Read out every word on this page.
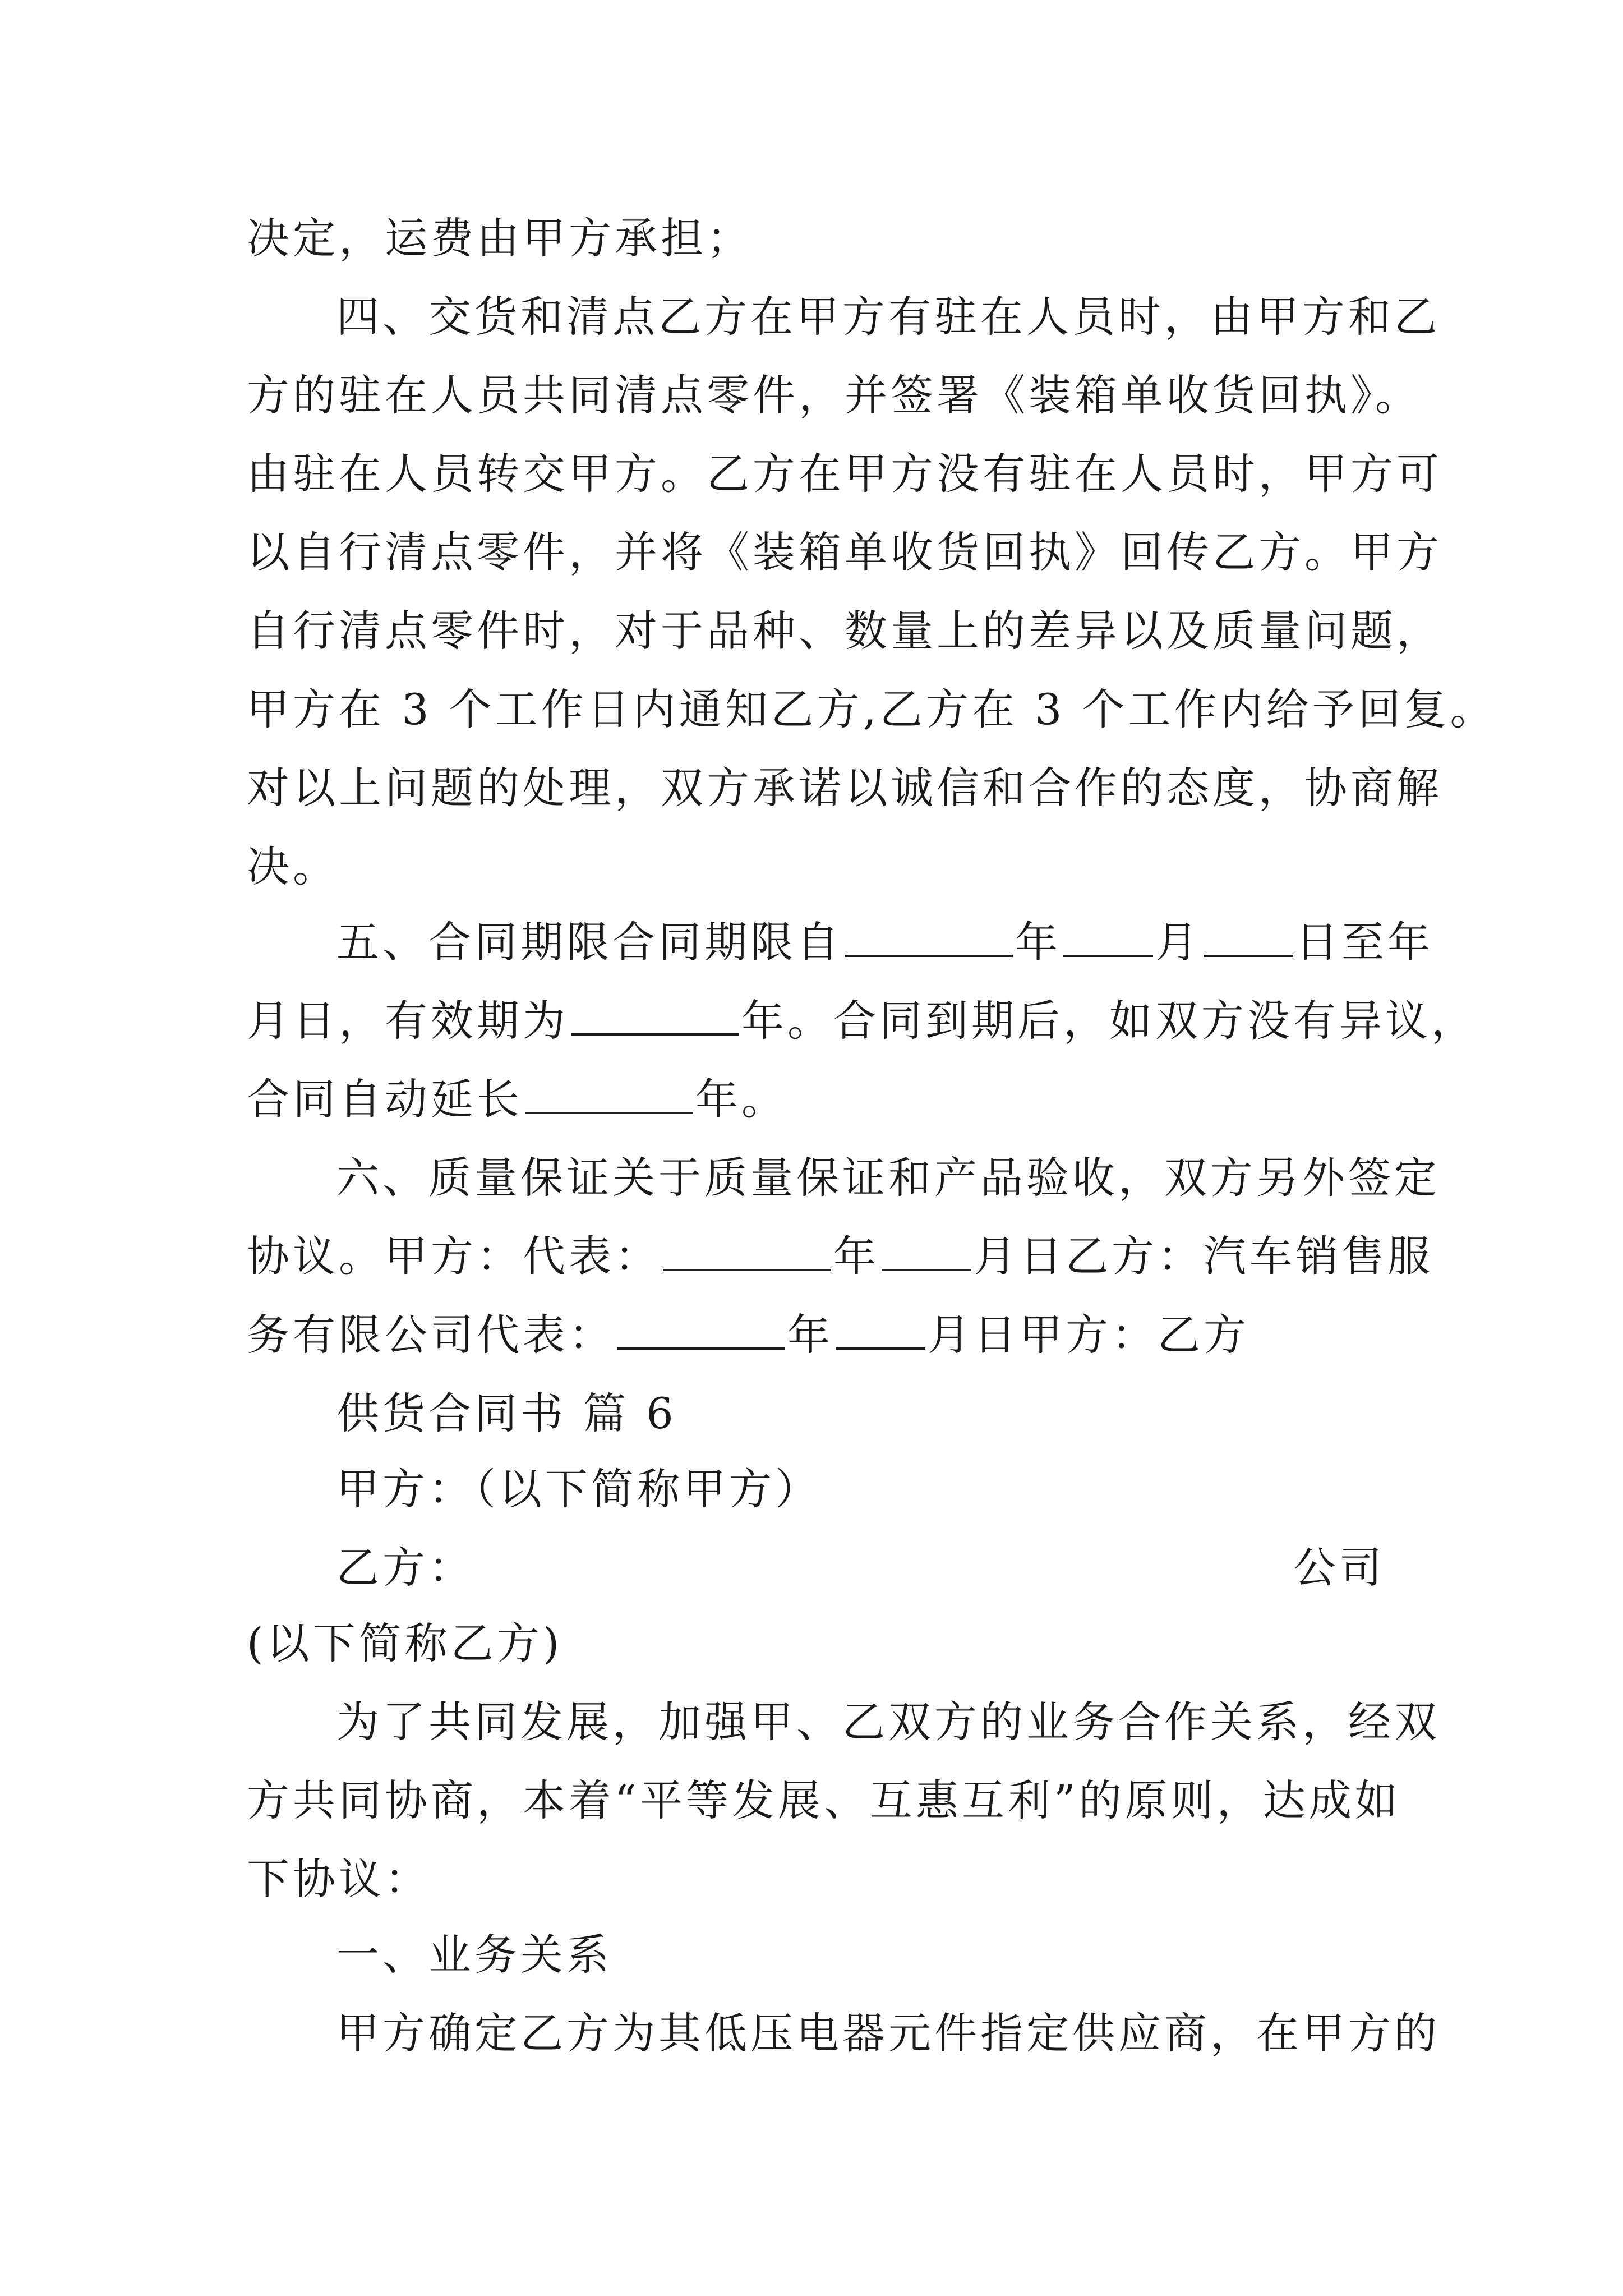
决定，运费由甲方承担；
四、交货和清点乙方在甲方有驻在人员时，由甲方和乙
方的驻在人员共同清点零件，并签署《装箱单收货回执》。
由驻在人员转交甲方。乙方在甲方没有驻在人员时，甲方可
以自行清点零件，并将《装箱单收货回执》回传乙方。甲方
自行清点零件时，对于品种、数量上的差异以及质量问题，
甲方在 3 个工作日内通知乙方,乙方在 3 个工作内给予回复。
对以上问题的处理，双方承诺以诚信和合作的态度，协商解
决。
五、合同期限合同期限自	年 月 日至年
月日，有效期为	年。合同到期后，如双方没有异议，
合同自动延长	年。
六、质量保证关于质量保证和产品验收，双方另外签定
协议。甲方：代表：	年 月日乙方：汽车销售服
务有限公司代表：	年 月日甲方：乙方
供货合同书 篇 6
甲方：（以下简称甲方）
乙方：	公司
(以下简称乙方)
为了共同发展，加强甲、乙双方的业务合作关系，经双
方共同协商，本着“平等发展、互惠互利”的原则，达成如
下协议：
一、业务关系
甲方确定乙方为其低压电器元件指定供应商，在甲方的
